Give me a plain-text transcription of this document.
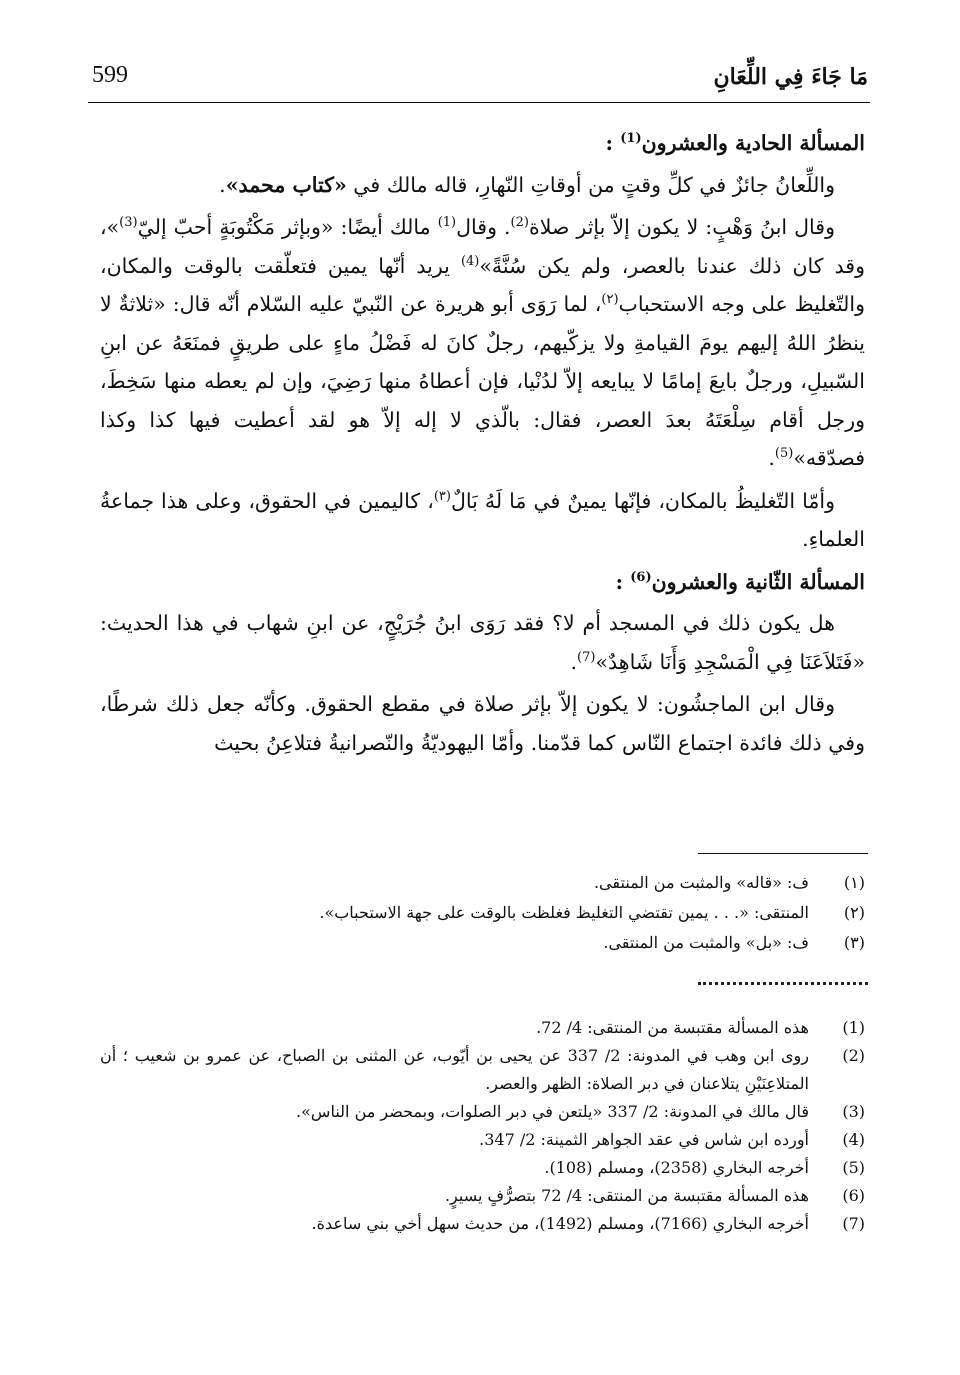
599	مَا جَاءَ فِي اللِّعَانِ

المسألة الحادية والعشرون$^{(1)}$ :

واللِّعانُ جائزٌ في كلِّ وقتٍ من أوقاتِ النّهارِ، قاله مالك في «كتاب محمد».

وقال ابنُ وَهْبٍ: لا يكون إلاّ بإثر صلاة$^{(2)}$. وقال$^{(1)}$ مالك أيضًا: «وبإثر مَكْتُوبَةٍ أحبّ إليّ$^{(3)}$»، وقد كان ذلك عندنا بالعصر، ولم يكن سُنَّةً»$^{(4)}$ يريد أنّها يمين فتعلّقت بالوقت والمكان، والتّغليظ على وجه الاستحباب$^{(٢)}$، لما رَوَى أبو هريرة عن النّبيّ عليه السّلام أنّه قال: «ثلاثةٌ لا ينظرُ اللهُ إليهم يومَ القيامةِ ولا يزكّيهم، رجلٌ كانَ له فَضْلُ ماءٍ على طريقٍ فمنَعَهُ عن ابنِ السّبيلِ، ورجلٌ بايعَ إمامًا لا يبايعه إلاّ لدُنْيا، فإن أعطاهُ منها رَضِيَ، وإن لم يعطه منها سَخِطَ، ورجل أقام سِلْعَتَهُ بعدَ العصر، فقال: بالّذي لا إله إلاّ هو لقد أعطيت فيها كذا وكذا فصدّقه»$^{(5)}$.

وأمّا التّغليظُ بالمكان، فإنّها يمينٌ في مَا لَهُ بَالٌ$^{(٣)}$، كاليمين في الحقوق، وعلى هذا جماعةُ العلماءِ.

المسألة الثّانية والعشرون$^{(6)}$ :

هل يكون ذلك في المسجد أم لا؟ فقد رَوَى ابنُ جُرَيْجٍ، عن ابنِ شهاب في هذا الحديث: «فَتَلاَعَنَا فِي الْمَسْجِدِ وَأَنَا شَاهِدٌ»$^{(7)}$.

وقال ابن الماجشُون: لا يكون إلاّ بإثر صلاة في مقطع الحقوق. وكأنّه جعل ذلك شرطًا، وفي ذلك فائدة اجتماع النّاس كما قدّمنا. وأمّا اليهوديّةُ والنّصرانيةُ فتلاعِنُ بحيث

(١)
ف: «قاله» والمثبت من المنتقى.
(٢)
المنتقى: «. . . يمين تقتضي التغليظ فغلظت بالوقت على جهة الاستحباب».
(٣)
ف: «بل» والمثبت من المنتقى.
(1)
هذه المسألة مقتبسة من المنتقى: 4/ 72.
(2)
روى ابن وهب في المدونة: 2/ 337 عن يحيى بن أيّوب، عن المثنى بن الصباح، عن عمرو بن شعيب ؛ أن المتلاعِنَيْنِ يتلاعنان في دبر الصلاة: الظهر والعصر.
(3)
قال مالك في المدونة: 2/ 337 «يلتعن في دبر الصلوات، وبمحضر من الناس».
(4)
أورده ابن شاس في عقد الجواهر الثمينة: 2/ 347.
(5)
أخرجه البخاري (2358)، ومسلم (108).
(6)
هذه المسألة مقتبسة من المنتقى: 4/ 72 بتصرُّفٍ يسيرٍ.
(7)
أخرجه البخاري (7166)، ومسلم (1492)، من حديث سهل أخي بني ساعدة.
